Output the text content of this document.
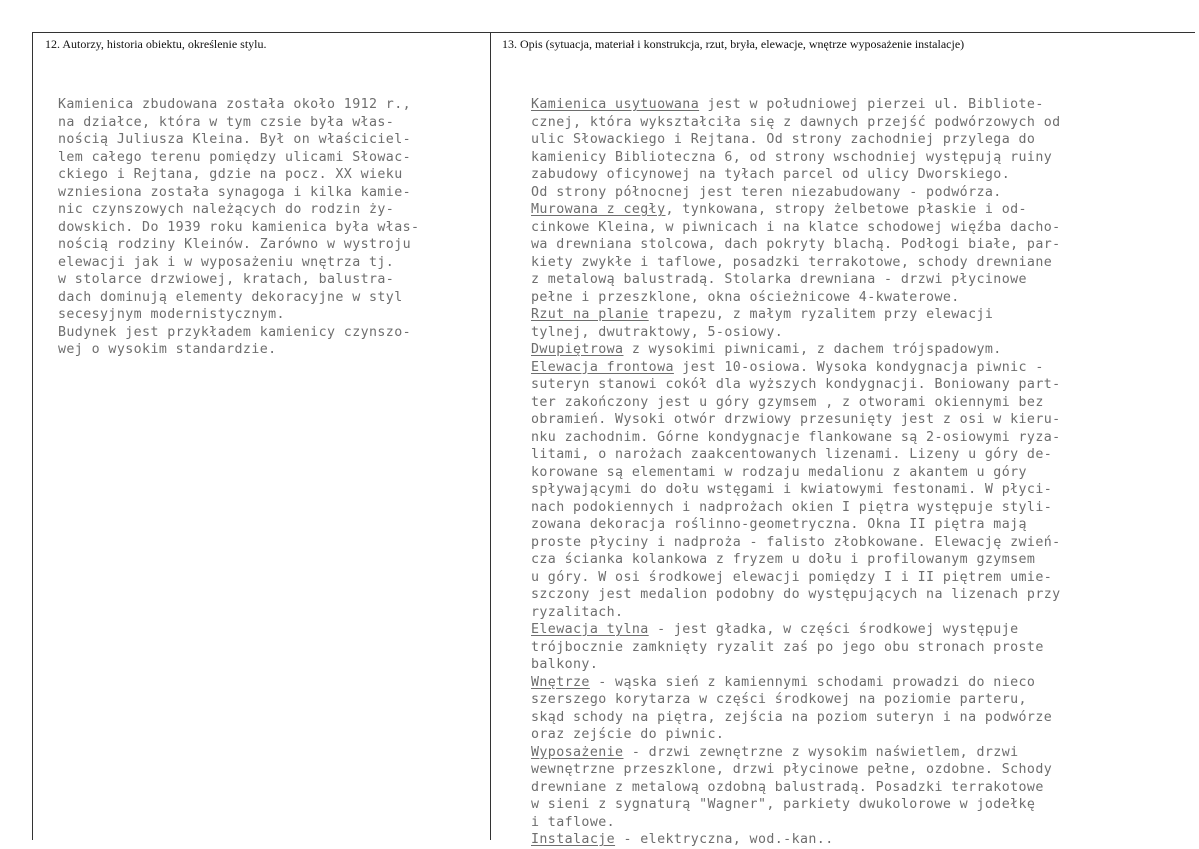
12. Autorzy, historia obiektu, określenie stylu.	13. Opis (sytuacja, materiał i konstrukcja, rzut, bryła, elewacje, wnętrze wyposażenie instalacje)
Kamienica zbudowana została około 1912 r.,
na działce, która w tym czsie była włas-
nością Juliusza Kleina. Był on właściciel-
lem całego terenu pomiędzy ulicami Słowac-
ckiego i Rejtana, gdzie na pocz. XX wieku
wzniesiona została synagoga i kilka kamie-
nic czynszowych należących do rodzin ży-
dowskich. Do 1939 roku kamienica była włas-
nością rodziny Kleinów. Zarówno w wystroju
elewacji jak i w wyposażeniu wnętrza tj.
w stolarce drzwiowej, kratach, balustra-
dach dominują elementy dekoracyjne w styl
secesyjnym modernistycznym.
Budynek jest przykładem kamienicy czynszo-
wej o wysokim standardzie.
Kamienica usytuowana jest w południowej pierzei ul. Bibliote-
cznej, która wykształciła się z dawnych przejść podwórzowych od
ulic Słowackiego i Rejtana. Od strony zachodniej przylega do
kamienicy Biblioteczna 6, od strony wschodniej występują ruiny
zabudowy oficynowej na tyłach parcel od ulicy Dworskiego.
Od strony północnej jest teren niezabudowany - podwórza.
Murowana z cegły, tynkowana, stropy żelbetowe płaskie i od-
cinkowe Kleina, w piwnicach i na klatce schodowej więźba dacho-
wa drewniana stolcowa, dach pokryty blachą. Podłogi białe, par-
kiety zwykłe i taflowe, posadzki terrakotowe, schody drewniane
z metalową balustradą. Stolarka drewniana - drzwi płycinowe
pełne i przeszklone, okna ościeżnicowe 4-kwaterowe.
Rzut na planie trapezu, z małym ryzalitem przy elewacji
tylnej, dwutraktowy, 5-osiowy.
Dwupiętrowa z wysokimi piwnicami, z dachem trójspadowym.
Elewacja frontowa jest 10-osiowa. Wysoka kondygnacja piwnic -
suteryn stanowi cokół dla wyższych kondygnacji. Boniowany part-
ter zakończony jest u góry gzymsem , z otworami okiennymi bez
obramień. Wysoki otwór drzwiowy przesunięty jest z osi w kieru-
nku zachodnim. Górne kondygnacje flankowane są 2-osiowymi ryza-
litami, o narożach zaakcentowanych lizenami. Lizeny u góry de-
korowane są elementami w rodzaju medalionu z akantem u góry
spływającymi do dołu wstęgami i kwiatowymi festonami. W płyci-
nach podokiennych i nadprożach okien I piętra występuje styli-
zowana dekoracja roślinno-geometryczna. Okna II piętra mają
proste płyciny i nadproża - falisto złobkowane. Elewację zwień-
cza ścianka kolankowa z fryzem u dołu i profilowanym gzymsem
u góry. W osi środkowej elewacji pomiędzy I i II piętrem umie-
szczony jest medalion podobny do występujących na lizenach przy
ryzalitach.
Elewacja tylna - jest gładka, w części środkowej występuje
trójbocznie zamknięty ryzalit zaś po jego obu stronach proste
balkony.
Wnętrze - wąska sień z kamiennymi schodami prowadzi do nieco
szerszego korytarza w części środkowej na poziomie parteru,
skąd schody na piętra, zejścia na poziom suteryn i na podwórze
oraz zejście do piwnic.
Wyposażenie - drzwi zewnętrzne z wysokim naświetlem, drzwi
wewnętrzne przeszklone, drzwi płycinowe pełne, ozdobne. Schody
drewniane z metalową ozdobną balustradą. Posadzki terrakotowe
w sieni z sygnaturą "Wagner", parkiety dwukolorowe w jodełkę
i taflowe.
Instalacje - elektryczna, wod.-kan..
